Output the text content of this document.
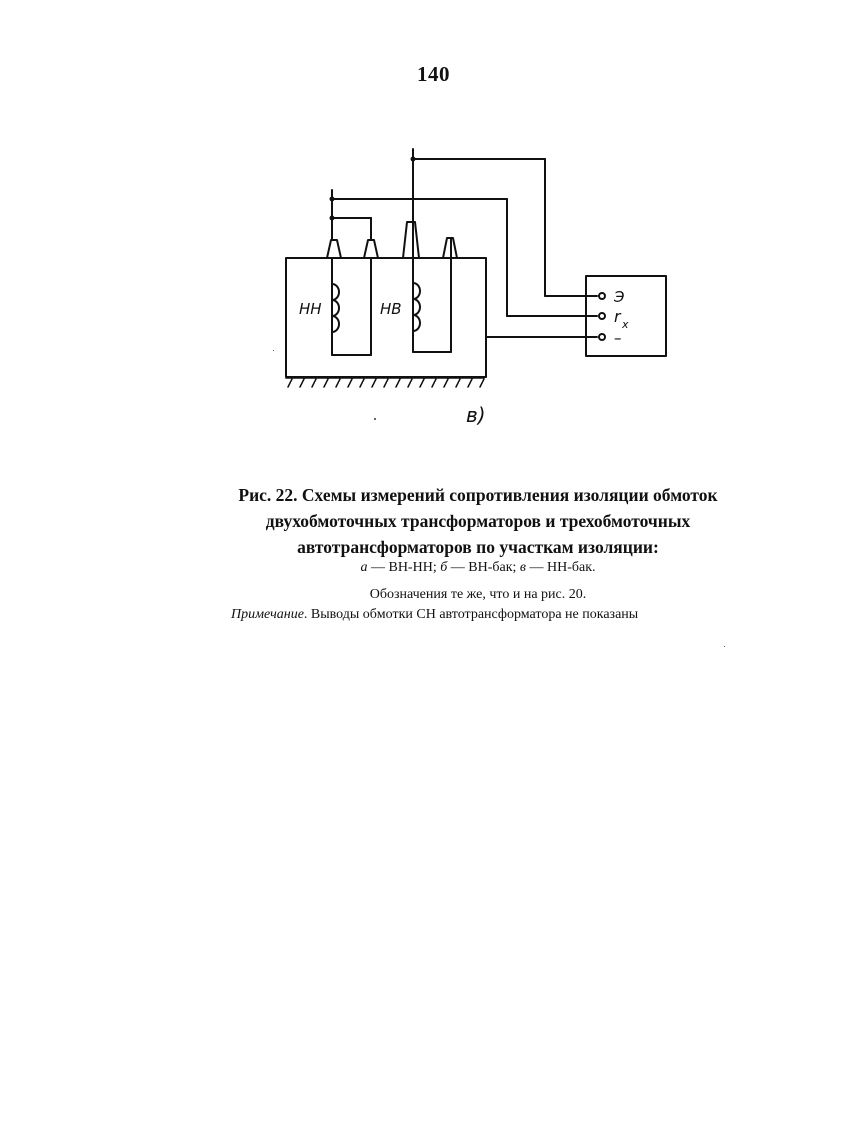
140
НН	НВ
Э
r x
–
в)
Рис. 22. Схемы измерений сопротивления изоляции обмоток
двухобмоточных трансформаторов и трехобмоточных
автотрансформаторов по участкам изоляции:
а — ВН-НН; б — ВН-бак; в — НН-бак.
Обозначения те же, что и на рис. 20.
Примечание. Выводы обмотки СН автотрансформатора не показаны
